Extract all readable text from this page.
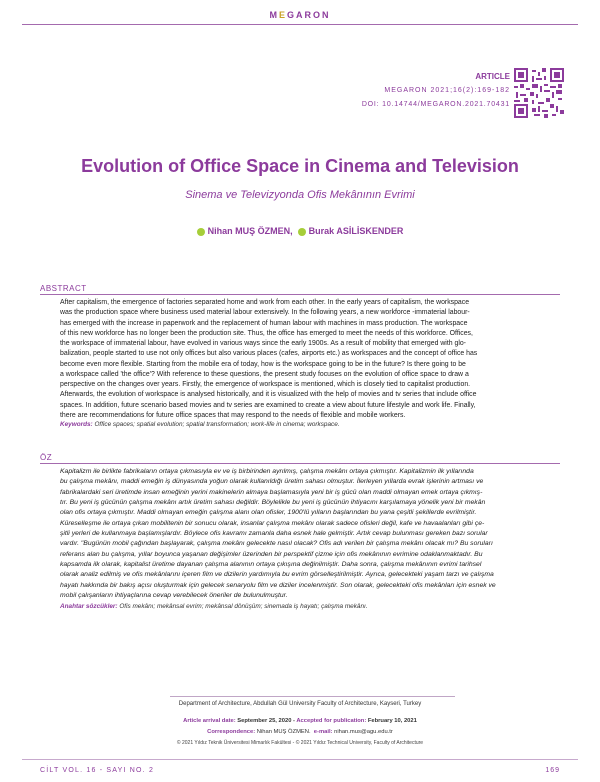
MEGARON
ARTICLE
MEGARON 2021;16(2):169-182
DOI: 10.14744/MEGARON.2021.70431
Evolution of Office Space in Cinema and Television
Sinema ve Televizyonda Ofis Mekânının Evrimi
Nihan MUŞ ÖZMEN, Burak ASİLİSKENDER
ABSTRACT
After capitalism, the emergence of factories separated home and work from each other. In the early years of capitalism, the workspace
was the production space where business used material labour extensively. In the following years, a new workforce -immaterial labour-
has emerged with the increase in paperwork and the replacement of human labour with machines in mass production. The workspace
of this new workforce has no longer been the production site. Thus, the office has emerged to meet the needs of this workforce. Offices,
the workspace of immaterial labour, have evolved in various ways since the early 1900s. As a result of mobility that emerged with glo-
balization, people started to use not only offices but also various places (cafes, airports etc.) as workspaces and the concept of office has
become even more flexible. Starting from the mobile era of today, how is the workspace going to be in the future? Is there going to be
a workspace called 'the office'? With reference to these questions, the present study focuses on the evolution of office space to draw a
perspective on the changes over years. Firstly, the emergence of workspace is mentioned, which is closely tied to capitalist production.
Afterwards, the evolution of workspace is analysed historically, and it is visualized with the help of movies and tv series that include office
spaces. In addition, future scenario based movies and tv series are examined to create a view about future lifestyle and work life. Finally,
there are recommendations for future office spaces that may respond to the needs of flexible and mobile workers.
Keywords: Office spaces; spatial evolution; spatial transformation; work-life in cinema; workspace.
ÖZ
Kapitalizm ile birlikte fabrikaların ortaya çıkmasıyla ev ve iş birbirinden ayrılmış, çalışma mekânı ortaya çıkmıştır. Kapitalizmin ilk yıllarında
bu çalışma mekânı, maddi emeğin iş dünyasında yoğun olarak kullanıldığı üretim sahası olmuştur. İlerleyen yıllarda evrak işlerinin artması ve
fabrikalardaki seri üretimde insan emeğinin yerini makinelerin almaya başlamasıyla yeni bir iş gücü olan maddi olmayan emek ortaya çıkmış-
tır. Bu yeni iş gücünün çalışma mekânı artık üretim sahası değildir. Böylelikle bu yeni iş gücünün ihtiyacını karşılamaya yönelik yeni bir mekân
olan ofis ortaya çıkmıştır. Maddi olmayan emeğin çalışma alanı olan ofisler, 1900'lü yılların başlarından bu yana çeşitli şekillerde evrilmiştir.
Küreselleşme ile ortaya çıkan mobilitenin bir sonucu olarak, insanlar çalışma mekânı olarak sadece ofisleri değil, kafe ve havaalanları gibi çe-
şitli yerleri de kullanmaya başlamışlardır. Böylece ofis kavramı zamanla daha esnek hale gelmiştir. Artık cevap bulunması gereken bazı sorular
vardır. "Bugünün mobil çağından başlayarak, çalışma mekânı gelecekte nasıl olacak? Ofis adı verilen bir çalışma mekânı olacak mı? Bu soruları
referans alan bu çalışma, yıllar boyunca yaşanan değişimler üzerinden bir perspektif çizme için ofis mekânının evrimine odaklanmaktadır. Bu
kapsamda ilk olarak, kapitalist üretime dayanan çalışma alanının ortaya çıkışına değinilmiştir. Daha sonra, çalışma mekânının evrimi tarihsel
olarak analiz edilmiş ve ofis mekânlarını içeren film ve dizilerin yardımıyla bu evrim görselleştirilmiştir. Ayrıca, gelecekteki yaşam tarzı ve çalışma
hayatı hakkında bir bakış açısı oluşturmak için gelecek senaryolu film ve diziler incelenmiştir. Son olarak, gelecekteki ofis mekânları için esnek ve
mobil çalışanların ihtiyaçlarına cevap verebilecek öneriler de bulunulmuştur.
Anahtar sözcükler: Ofis mekânı; mekânsal evrim; mekânsal dönüşüm; sinemada iş hayatı; çalışma mekânı.
Department of Architecture, Abdullah Gül University Faculty of Architecture, Kayseri, Turkey
Article arrival date: September 25, 2020 - Accepted for publication: February 10, 2021
Correspondence: Nihan MUŞ ÖZMEN. e-mail: nihan.mus@agu.edu.tr
© 2021 Yıldız Teknik Üniversitesi Mimarlık Fakültesi - © 2021 Yıldız Technical University, Faculty of Architecture
CİLT VOL. 16 - SAYI NO. 2	169
